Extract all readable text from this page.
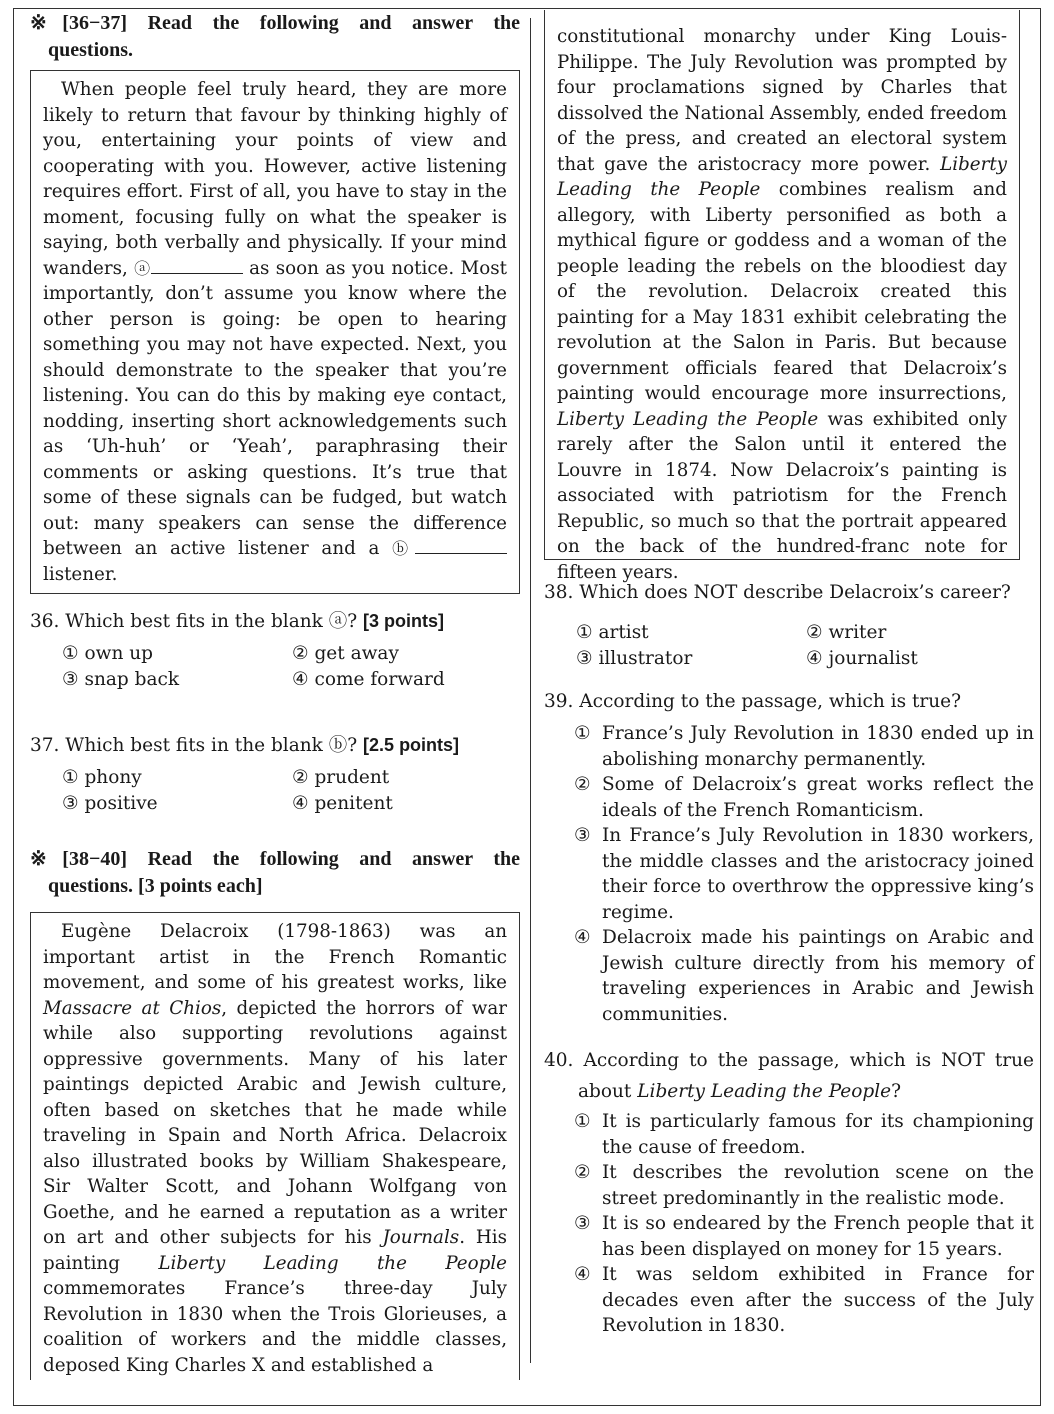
※[36−37] Read the following and answer the
questions.

When people feel truly heard, they are more likely to return that favour by thinking highly of you, entertaining your points of view and cooperating with you. However, active listening requires effort. First of all, you have to stay in the moment, focusing fully on what the speaker is saying, both verbally and physically. If your mind wanders, ⓐ	as soon as you notice. Most importantly, don’t assume you know where the other person is going: be open to hearing something you may not have expected. Next, you should demonstrate to the speaker that you’re listening. You can do this by making eye contact, nodding, inserting short acknowledgements such as ‘Uh-huh’ or ‘Yeah’, paraphrasing their comments or asking questions. It’s true that some of these signals can be fudged, but watch out: many speakers can sense the difference between an active listener and a ⓑ listener.

36. Which best fits in the blank ⓐ? [3 points]
① own up	② get away
③ snap back	④ come forward
37. Which best fits in the blank ⓑ? [2.5 points]
① phony	② prudent
③ positive	④ penitent
※[38−40] Read the following and answer the
questions. [3 points each]

Eugène Delacroix (1798-1863) was an important artist in the French Romantic movement, and some of his greatest works, like Massacre at Chios, depicted the horrors of war while also supporting revolutions against oppressive governments. Many of his later paintings depicted Arabic and Jewish culture, often based on sketches that he made while traveling in Spain and North Africa. Delacroix also illustrated books by William Shakespeare, Sir Walter Scott, and Johann Wolfgang von Goethe, and he earned a reputation as a writer on art and other subjects for his Journals. His painting Liberty Leading the People commemorates France’s three-day July Revolution in 1830 when the Trois Glorieuses, a coalition of workers and the middle classes, deposed King Charles X and established a

constitutional monarchy under King Louis-Philippe. The July Revolution was prompted by four proclamations signed by Charles that dissolved the National Assembly, ended freedom of the press, and created an electoral system that gave the aristocracy more power. Liberty Leading the People combines realism and allegory, with Liberty personified as both a mythical figure or goddess and a woman of the people leading the rebels on the bloodiest day of the revolution. Delacroix created this painting for a May 1831 exhibit celebrating the revolution at the Salon in Paris. But because government officials feared that Delacroix’s painting would encourage more insurrections, Liberty Leading the People was exhibited only rarely after the Salon until it entered the Louvre in 1874. Now Delacroix’s painting is associated with patriotism for the French Republic, so much so that the portrait appeared on the back of the hundred-franc note for fifteen years.

38. Which does NOT describe Delacroix’s career?
① artist	② writer
③ illustrator	④ journalist
39. According to the passage, which is true?
① France’s July Revolution in 1830 ended up in abolishing monarchy permanently.
② Some of Delacroix’s great works reflect the ideals of the French Romanticism.
③ In France’s July Revolution in 1830 workers, the middle classes and the aristocracy joined their force to overthrow the oppressive king’s regime.
④ Delacroix made his paintings on Arabic and Jewish culture directly from his memory of traveling experiences in Arabic and Jewish communities.
40. According to the passage, which is NOT true
about Liberty Leading the People?
① It is particularly famous for its championing the cause of freedom.
② It describes the revolution scene on the street predominantly in the realistic mode.
③ It is so endeared by the French people that it has been displayed on money for 15 years.
④ It was seldom exhibited in France for decades even after the success of the July Revolution in 1830.
